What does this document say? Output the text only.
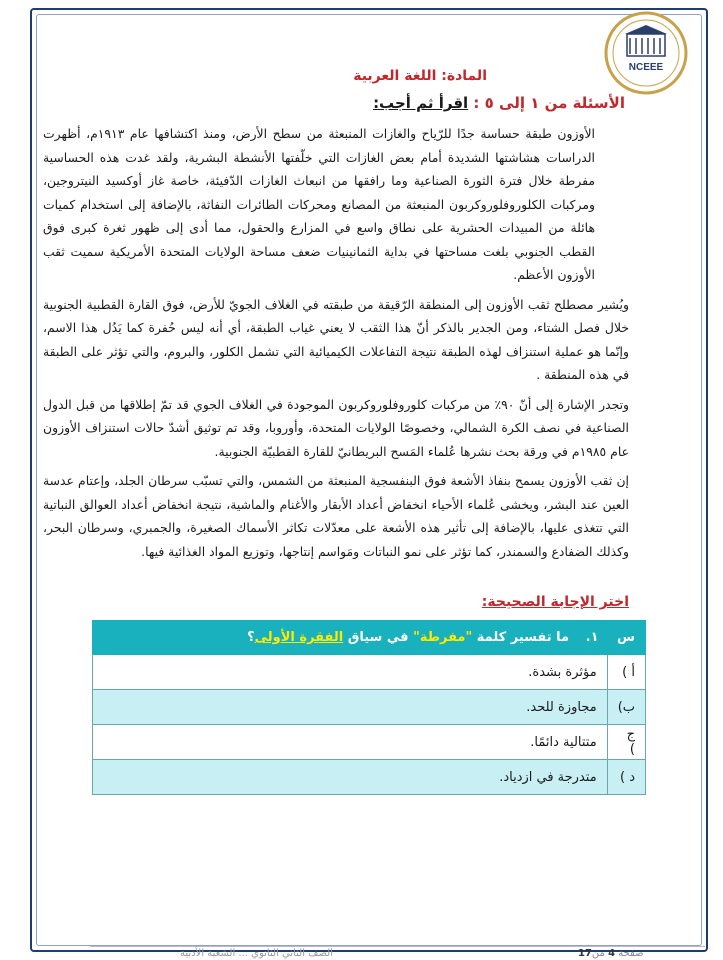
NCEEE
المادة: اللغة العربية
الأسئلة من ١ إلى ٥ : اقرأ ثم أجب:

الأوزون طبقة حساسة جدًا للرّياح والغازات المنبعثة من سطح الأرض، ومنذ اكتشافها عام ١٩١٣م، أظهرت الدراسات هشاشتها الشديدة أمام بعض الغازات التي خلّفتها الأنشطة البشرية، ولقد غدت هذه الحساسية مفرطة خلال فترة الثورة الصناعية وما رافقها من انبعاث الغازات الدّفيئة، خاصة غاز أوكسيد النيتروجين، ومركبات الكلوروفلوروكربون المنبعثة من المصانع ومحركات الطائرات النفاثة، بالإضافة إلى استخدام كميات هائلة من المبيدات الحشرية على نطاق واسع في المزارع والحقول، مما أدى إلى ظهور ثغرة كبرى فوق القطب الجنوبي بلغت مساحتها في بداية الثمانينيات ضعف مساحة الولايات المتحدة الأمريكية سميت ثقب الأوزون الأعظم.

ويُشير مصطلح ثقب الأوزون إلى المنطقة الرّقيقة من طبقته في الغلاف الجويّ للأرض، فوق القارة القطبية الجنوبية خلال فصل الشتاء، ومن الجدير بالذكر أنّ هذا الثقب لا يعني غياب الطبقة، أي أنه ليس حُفرة كما يَدُل هذا الاسم، وإنّما هو عملية استنزاف لهذه الطبقة نتيجة التفاعلات الكيميائية التي تشمل الكلور، والبروم، والتي تؤثر على الطبقة في هذه المنطقة .

وتجدر الإشارة إلى أنّ ٩٠٪ من مركبات كلوروفلوروكربون الموجودة في الغلاف الجوي قد تمّ إطلاقها من قبل الدول الصناعية في نصف الكرة الشمالي، وخصوصًا الولايات المتحدة، وأوروبا، وقد تم توثيق أشدّ حالات استنزاف الأوزون عام ١٩٨٥م في ورقة بحث نشرها عُلماء المَسح البريطانيّ للقارة القطبيّة الجنوبية.

إن ثقب الأوزون يسمح بنفاذ الأشعة فوق البنفسجية المنبعثة من الشمس، والتي تسبّب سرطان الجلد، وإعتام عدسة العين عند البشر، ويخشى عُلماء الأحياء انخفاض أعداد الأبقار والأغنام والماشية، نتيجة انخفاض أعداد العوالق النباتية التي تتغذى عليها، بالإضافة إلى تأثير هذه الأشعة على معدّلات تكاثر الأسماك الصغيرة، والجمبري، وسرطان البحر، وكذلك الضفادع والسمندر، كما تؤثر على نمو النباتات ومَواسم إنتاجها، وتوزيع المواد الغذائية فيها.

اختر الإجابة الصحيحة:
س ١. ما تفسير كلمة "مفرطة" في سياق الفقرة الأولى؟	
أ )	مؤثرة بشدة.
ب)	مجاوزة للحد.
ج )	متتالية دائمًا.
د )	متدرجة في ازدياد.
صفحة 4 من17
الصف الثاني الثانوي ... الشعبة الأدبية
